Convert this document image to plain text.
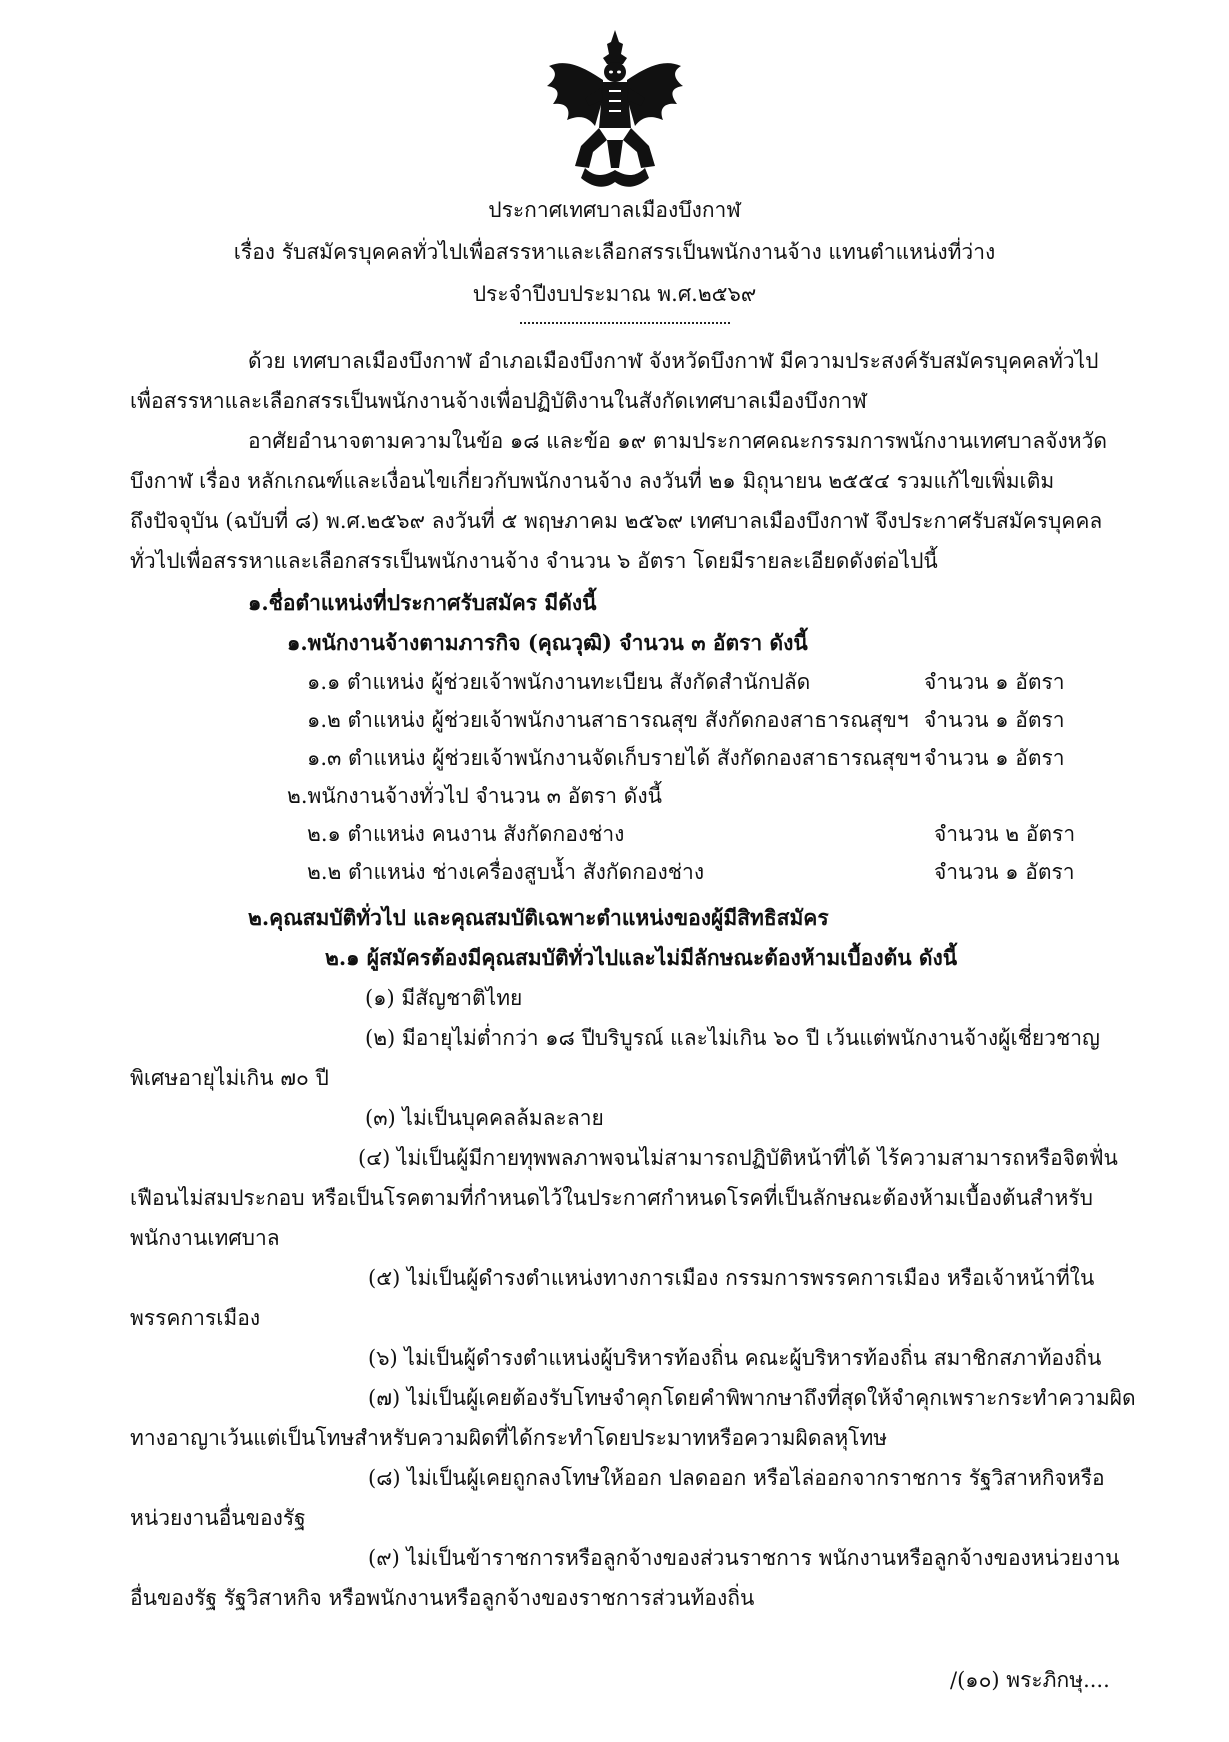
ประกาศเทศบาลเมืองบึงกาฬ
เรื่อง รับสมัครบุคคลทั่วไปเพื่อสรรหาและเลือกสรรเป็นพนักงานจ้าง แทนตำแหน่งที่ว่าง
ประจำปีงบประมาณ พ.ศ.๒๕๖๙
ด้วย เทศบาลเมืองบึงกาฬ อำเภอเมืองบึงกาฬ จังหวัดบึงกาฬ มีความประสงค์รับสมัครบุคคลทั่วไป
เพื่อสรรหาและเลือกสรรเป็นพนักงานจ้างเพื่อปฏิบัติงานในสังกัดเทศบาลเมืองบึงกาฬ
อาศัยอำนาจตามความในข้อ ๑๘ และข้อ ๑๙ ตามประกาศคณะกรรมการพนักงานเทศบาลจังหวัด
บึงกาฬ เรื่อง หลักเกณฑ์และเงื่อนไขเกี่ยวกับพนักงานจ้าง ลงวันที่ ๒๑ มิถุนายน ๒๕๕๔ รวมแก้ไขเพิ่มเติม
ถึงปัจจุบัน (ฉบับที่ ๘) พ.ศ.๒๕๖๙ ลงวันที่ ๕ พฤษภาคม ๒๕๖๙ เทศบาลเมืองบึงกาฬ จึงประกาศรับสมัครบุคคล
ทั่วไปเพื่อสรรหาและเลือกสรรเป็นพนักงานจ้าง จำนวน ๖ อัตรา โดยมีรายละเอียดดังต่อไปนี้
๑.ชื่อตำแหน่งที่ประกาศรับสมัคร มีดังนี้
๑.พนักงานจ้างตามภารกิจ (คุณวุฒิ) จำนวน ๓ อัตรา ดังนี้
๑.๑ ตำแหน่ง ผู้ช่วยเจ้าพนักงานทะเบียน สังกัดสำนักปลัด	จำนวน ๑ อัตรา
๑.๒ ตำแหน่ง ผู้ช่วยเจ้าพนักงานสาธารณสุข สังกัดกองสาธารณสุขฯ จำนวน ๑ อัตรา
๑.๓ ตำแหน่ง ผู้ช่วยเจ้าพนักงานจัดเก็บรายได้ สังกัดกองสาธารณสุขฯ จำนวน ๑ อัตรา
๒.พนักงานจ้างทั่วไป จำนวน ๓ อัตรา ดังนี้
๒.๑ ตำแหน่ง คนงาน สังกัดกองช่าง	จำนวน ๒ อัตรา
๒.๒ ตำแหน่ง ช่างเครื่องสูบน้ำ สังกัดกองช่าง	จำนวน ๑ อัตรา
๒.คุณสมบัติทั่วไป และคุณสมบัติเฉพาะตำแหน่งของผู้มีสิทธิสมัคร
๒.๑ ผู้สมัครต้องมีคุณสมบัติทั่วไปและไม่มีลักษณะต้องห้ามเบื้องต้น ดังนี้
(๑) มีสัญชาติไทย
(๒) มีอายุไม่ต่ำกว่า ๑๘ ปีบริบูรณ์ และไม่เกิน ๖๐ ปี เว้นแต่พนักงานจ้างผู้เชี่ยวชาญ
พิเศษอายุไม่เกิน ๗๐ ปี
(๓) ไม่เป็นบุคคลล้มละลาย
(๔) ไม่เป็นผู้มีกายทุพพลภาพจนไม่สามารถปฏิบัติหน้าที่ได้ ไร้ความสามารถหรือจิตฟั่น
เฟือนไม่สมประกอบ หรือเป็นโรคตามที่กำหนดไว้ในประกาศกำหนดโรคที่เป็นลักษณะต้องห้ามเบื้องต้นสำหรับ
พนักงานเทศบาล
(๕) ไม่เป็นผู้ดำรงตำแหน่งทางการเมือง กรรมการพรรคการเมือง หรือเจ้าหน้าที่ใน
พรรคการเมือง
(๖) ไม่เป็นผู้ดำรงตำแหน่งผู้บริหารท้องถิ่น คณะผู้บริหารท้องถิ่น สมาชิกสภาท้องถิ่น
(๗) ไม่เป็นผู้เคยต้องรับโทษจำคุกโดยคำพิพากษาถึงที่สุดให้จำคุกเพราะกระทำความผิด
ทางอาญาเว้นแต่เป็นโทษสำหรับความผิดที่ได้กระทำโดยประมาทหรือความผิดลหุโทษ
(๘) ไม่เป็นผู้เคยถูกลงโทษให้ออก ปลดออก หรือไล่ออกจากราชการ รัฐวิสาหกิจหรือ
หน่วยงานอื่นของรัฐ
(๙) ไม่เป็นข้าราชการหรือลูกจ้างของส่วนราชการ พนักงานหรือลูกจ้างของหน่วยงาน
อื่นของรัฐ รัฐวิสาหกิจ หรือพนักงานหรือลูกจ้างของราชการส่วนท้องถิ่น
/(๑๐) พระภิกษุ....
